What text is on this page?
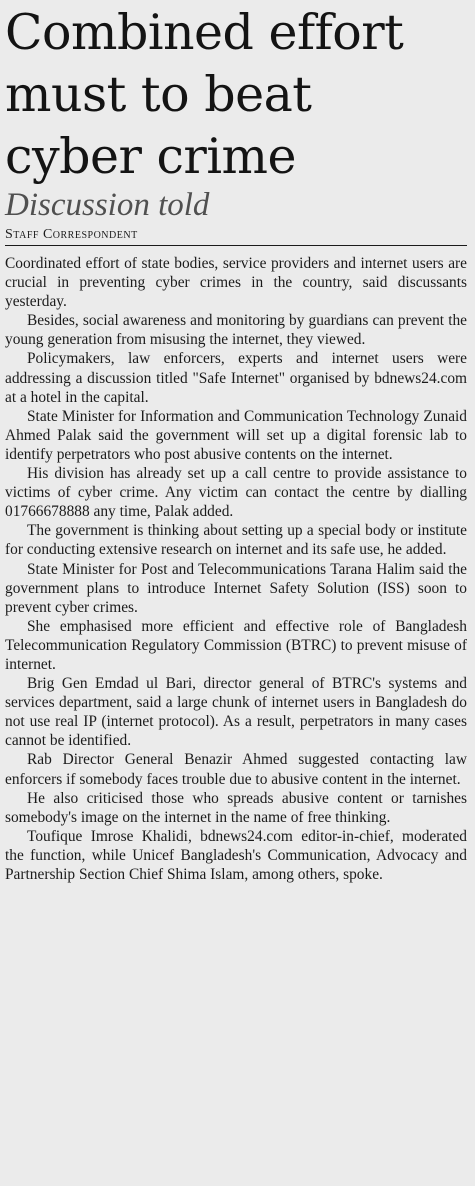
Combined effort
must to beat
cyber crime
Discussion told
Staff Correspondent

Coordinated effort of state bodies, service providers and internet users are crucial in preventing cyber crimes in the country, said discussants yesterday.

Besides, social awareness and monitoring by guardians can prevent the young generation from misusing the internet, they viewed.

Policymakers, law enforcers, experts and internet users were addressing a discussion titled "Safe Internet" organised by bdnews24.com at a hotel in the capital.

State Minister for Information and Communication Technology Zunaid Ahmed Palak said the government will set up a digital forensic lab to identify perpetrators who post abusive contents on the internet.

His division has already set up a call centre to provide assistance to victims of cyber crime. Any victim can contact the centre by dialling 01766678888 any time, Palak added.

The government is thinking about setting up a special body or institute for conducting extensive research on internet and its safe use, he added.

State Minister for Post and Telecommunications Tarana Halim said the government plans to introduce Internet Safety Solution (ISS) soon to prevent cyber crimes.

She emphasised more efficient and effective role of Bangladesh Telecommunication Regulatory Commission (BTRC) to prevent misuse of internet.

Brig Gen Emdad ul Bari, director general of BTRC's systems and services department, said a large chunk of internet users in Bangladesh do not use real IP (internet protocol). As a result, perpetrators in many cases cannot be identified.

Rab Director General Benazir Ahmed suggested contacting law enforcers if somebody faces trouble due to abusive content in the internet.

He also criticised those who spreads abusive content or tarnishes somebody's image on the internet in the name of free thinking.

Toufique Imrose Khalidi, bdnews24.com editor-in-chief, moderated the function, while Unicef Bangladesh's Communication, Advocacy and Partnership Section Chief Shima Islam, among others, spoke.
